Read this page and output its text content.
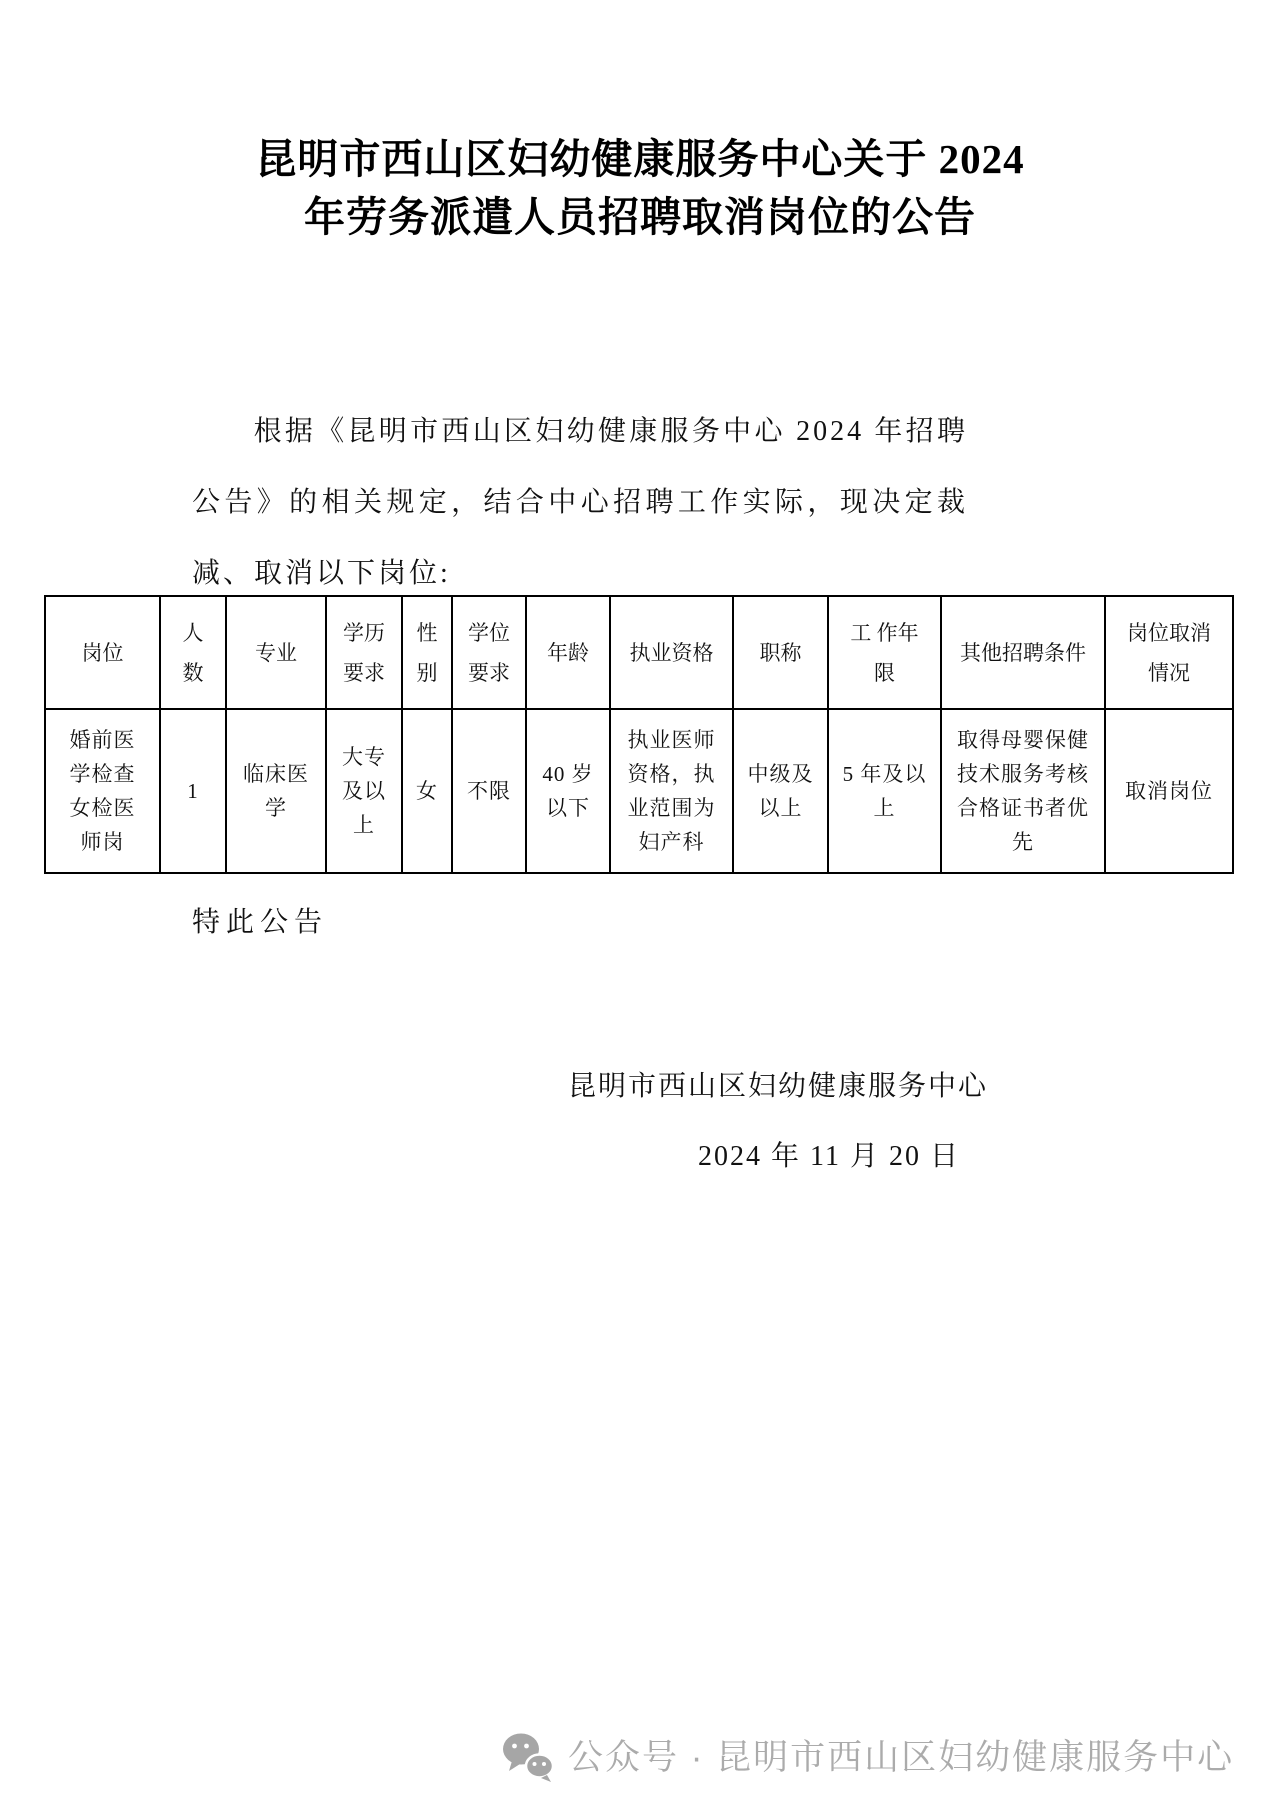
昆明市西山区妇幼健康服务中心关于 2024
年劳务派遣人员招聘取消岗位的公告
根据《昆明市西山区妇幼健康服务中心 2024 年招聘公告》的相关规定，结合中心招聘工作实际，现决定裁减、取消以下岗位:
岗位	人数	专业	学历要求	性别	学位要求	年龄	执业资格	职称	工 作年限	其他招聘条件	岗位取消情况
婚前医学检查女检医师岗	1	临床医学	大专及以上	女	不限	40 岁以下	执业医师资格，执业范围为妇产科	中级及以上	5 年及以上	取得母婴保健技术服务考核合格证书者优先	取消岗位
特此公告
昆明市西山区妇幼健康服务中心
2024 年 11 月 20 日
公众号 · 昆明市西山区妇幼健康服务中心
